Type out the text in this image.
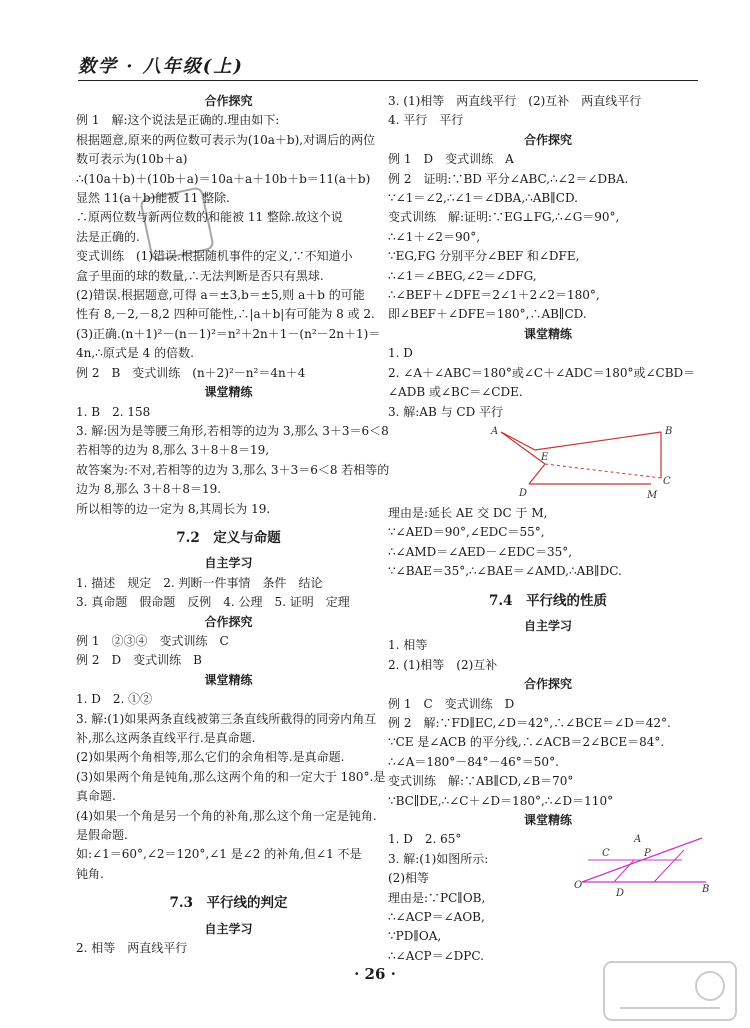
数学 · 八年级(上)
合作探究
例 1　解:这个说法是正确的.理由如下:
根据题意,原来的两位数可表示为(10a＋b),对调后的两位
数可表示为(10b＋a)
∴(10a＋b)＋(10b＋a)＝10a＋a＋10b＋b＝11(a＋b)
显然 11(a＋b)能被 11 整除.
∴原两位数与新两位数的和能被 11 整除.故这个说
法是正确的.
变式训练　(1)错误.根据随机事件的定义,∵不知道小
盒子里面的球的数量,∴无法判断是否只有黑球.
(2)错误.根据题意,可得 a＝±3,b＝±5,则 a＋b 的可能
性有 8,－2,－8,2 四种可能性,∴|a＋b|有可能为 8 或 2.
(3)正确.(n＋1)²－(n－1)²＝n²＋2n＋1－(n²－2n＋1)＝
4n,∴原式是 4 的倍数.
例 2　B　变式训练　(n＋2)²－n²＝4n＋4
课堂精练
1. B　2. 158
3. 解:因为是等腰三角形,若相等的边为 3,那么 3＋3＝6＜8
若相等的边为 8,那么 3＋8＋8＝19,
故答案为:不对,若相等的边为 3,那么 3＋3＝6＜8 若相等的
边为 8,那么 3＋8＋8＝19.
所以相等的边一定为 8,其周长为 19.
7.2　定义与命题
自主学习
1. 描述　规定　2. 判断一件事情　条件　结论
3. 真命题　假命题　反例　4. 公理　5. 证明　定理
合作探究
例 1　②③④　变式训练　C
例 2　D　变式训练　B
课堂精练
1. D　2. ①②
3. 解:(1)如果两条直线被第三条直线所截得的同旁内角互
补,那么这两条直线平行.是真命题.
(2)如果两个角相等,那么它们的余角相等.是真命题.
(3)如果两个角是钝角,那么这两个角的和一定大于 180°.是
真命题.
(4)如果一个角是另一个角的补角,那么这个角一定是钝角.
是假命题.
如:∠1＝60°,∠2＝120°,∠1 是∠2 的补角,但∠1 不是
钝角.
7.3　平行线的判定
自主学习
2. 相等　两直线平行
3. (1)相等　两直线平行　(2)互补　两直线平行
4. 平行　平行
合作探究
例 1　D　变式训练　A
例 2　证明:∵BD 平分∠ABC,∴∠2＝∠DBA.
∵∠1＝∠2,∴∠1＝∠DBA,∴AB∥CD.
变式训练　解:证明:∵EG⊥FG,∴∠G＝90°,
∴∠1＋∠2＝90°,
∵EG,FG 分别平分∠BEF 和∠DFE,
∴∠1＝∠BEG,∠2＝∠DFG,
∴∠BEF＋∠DFE＝2∠1＋2∠2＝180°,
即∠BEF＋∠DFE＝180°,∴AB∥CD.
课堂精练
1. D
2. ∠A＋∠ABC＝180°或∠C＋∠ADC＝180°或∠CBD＝
∠ADB 或∠BC＝∠CDE.
3. 解:AB 与 CD 平行
A	B
E
D
C
M
理由是:延长 AE 交 DC 于 M,
∵∠AED＝90°,∠EDC＝55°,
∴∠AMD＝∠AED－∠EDC＝35°,
∵∠BAE＝35°,∴∠BAE＝∠AMD,∴AB∥DC.
7.4　平行线的性质
自主学习
1. 相等
2. (1)相等　(2)互补
合作探究
例 1　C　变式训练　D
例 2　解:∵FD∥EC,∠D＝42°,∴∠BCE＝∠D＝42°.
∵CE 是∠ACB 的平分线,∴∠ACB＝2∠BCE＝84°.
∴∠A＝180°－84°－46°＝50°.
变式训练　解:∵AB∥CD,∠B＝70°
∵BC∥DE,∴∠C＋∠D＝180°,∴∠D＝110°
课堂精练
1. D　2. 65°
3. 解:(1)如图所示:
(2)相等
理由是:∵PC∥OB,
∴∠ACP＝∠AOB,
∵PD∥OA,
∴∠ACP＝∠DPC.
A
B
C	P
O
D
· 26 ·
